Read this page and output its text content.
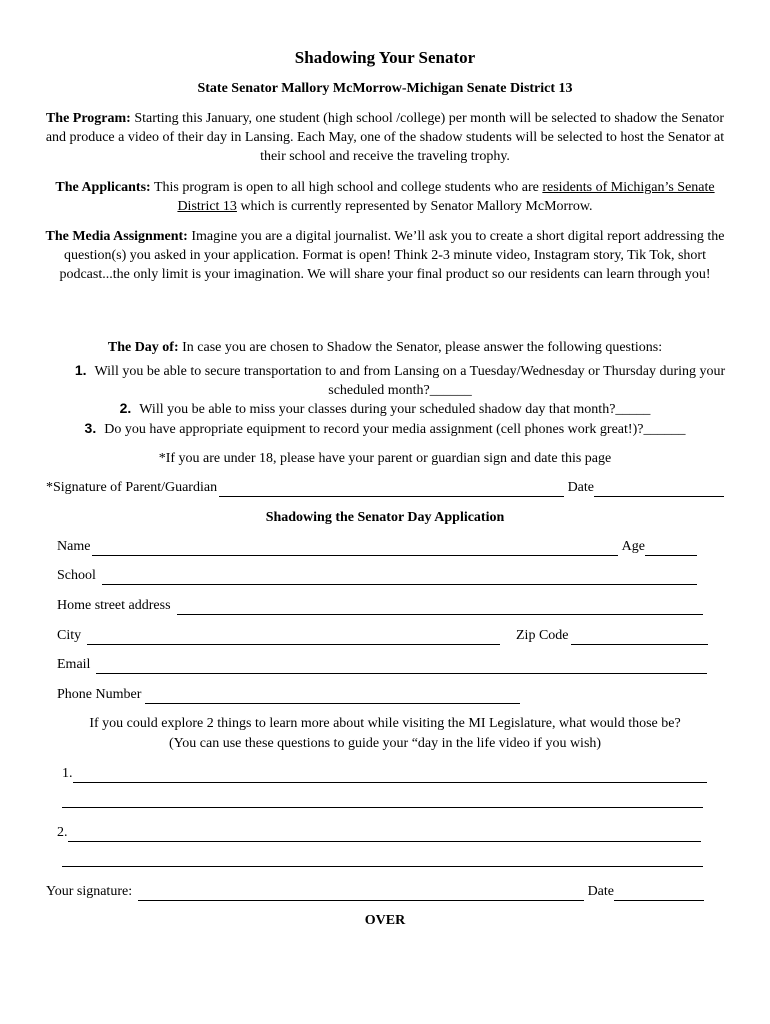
Shadowing Your Senator
State Senator Mallory McMorrow-Michigan Senate District 13
The Program: Starting this January, one student (high school /college) per month will be selected to shadow the Senator and produce a video of their day in Lansing. Each May, one of the shadow students will be selected to host the Senator at their school and receive the traveling trophy.
The Applicants: This program is open to all high school and college students who are residents of Michigan’s Senate District 13 which is currently represented by Senator Mallory McMorrow.
The Media Assignment: Imagine you are a digital journalist. We’ll ask you to create a short digital report addressing the question(s) you asked in your application. Format is open! Think 2-3 minute video, Instagram story, Tik Tok, short podcast...the only limit is your imagination. We will share your final product so our residents can learn through you!
The Day of: In case you are chosen to Shadow the Senator, please answer the following questions:
1. Will you be able to secure transportation to and from Lansing on a Tuesday/Wednesday or Thursday during your scheduled month?______
2. Will you be able to miss your classes during your scheduled shadow day that month?_____
3. Do you have appropriate equipment to record your media assignment (cell phones work great!)?______
*If you are under 18, please have your parent or guardian sign and date this page
*Signature of Parent/Guardian	Date
Shadowing the Senator Day Application
Name	Age
School
Home street address
City	Zip Code
Email
Phone Number
If you could explore 2 things to learn more about while visiting the MI Legislature, what would those be?
(You can use these questions to guide your “day in the life video if you wish)
1.
2.
Your signature:	Date
OVER
